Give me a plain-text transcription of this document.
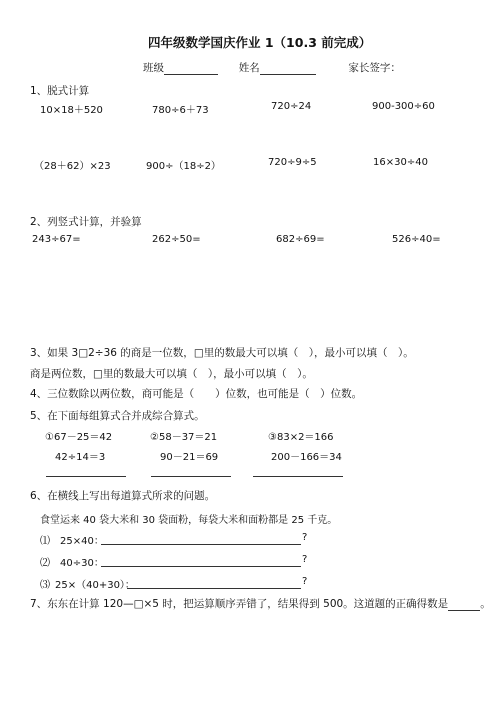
四年级数学国庆作业 1（10.3 前完成）
班级	姓名	家长签字：
1、脱式计算
10×18＋520	780÷6＋73	720÷24	900-300÷60
（28＋62）×23	900÷（18÷2）	720÷9÷5	16×30÷40
2、列竖式计算，并验算
243÷67=	262÷50=	682÷69=	526÷40=
3、如果 3□2÷36 的商是一位数，□里的数最大可以填（　），最小可以填（　）。
商是两位数，□里的数最大可以填（　），最小可以填（　）。
4、三位数除以两位数，商可能是（　　）位数，也可能是（　）位数。
5、在下面每组算式合并成综合算式。
①67－25＝42	②58－37＝21	③83×2＝166
42÷14＝3	90－21＝69	200－166＝34
6、在横线上写出每道算式所求的问题。
食堂运来 40 袋大米和 30 袋面粉，每袋大米和面粉都是 25 千克。
⑴ 25×40：	?
⑵ 40÷30：	?
⑶ 25×（40+30）：	?
7、东东在计算 120—□×5 时，把运算顺序弄错了，结果得到 500。这道题的正确得数是	。
